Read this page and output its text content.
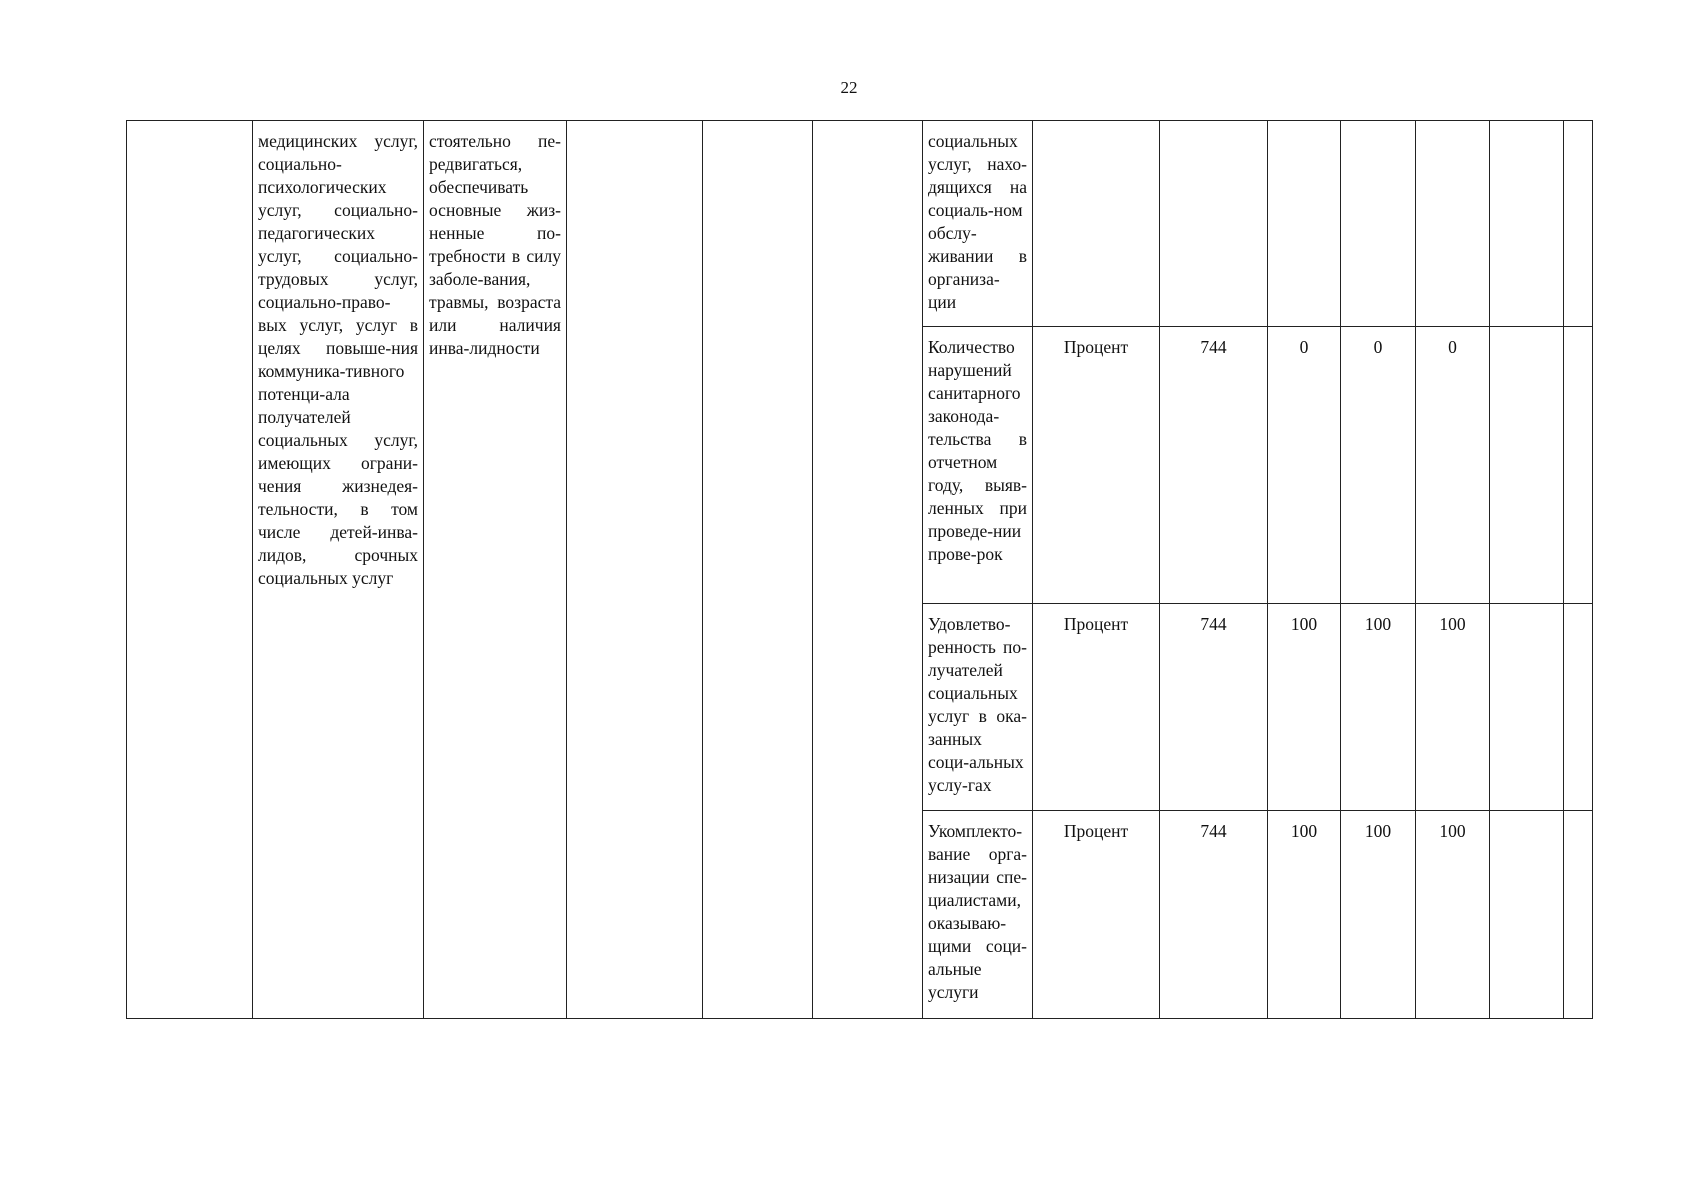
22

	медицинских услуг, социально-психологических услуг, социально-педагогических услуг, социально-трудовых услуг, социально-право-вых услуг, услуг в целях повыше-ния коммуника-тивного потенци-ала получателей социальных услуг, имеющих ограни-чения жизнедея-тельности, в том числе детей-инва-лидов, срочных социальных услуг	стоятельно пе-редвигаться, обеспечивать основные жиз-ненные по-требности в силу заболе-вания, травмы, возраста или наличия инва-лидности				социальных услуг, нахо-дящихся на социаль-ном обслу-живании в организа-ции							

						Количество нарушений санитарного законода-тельства в отчетном году, выяв-ленных при проведе-нии прове-рок	Процент	744	0	0	0		

						Удовлетво-ренность по-лучателей социальных услуг в ока-занных соци-альных услу-гах	Процент	744	100	100	100		

						Укомплекто-вание орга-низации спе-циалистами, оказываю-щими соци-альные услуги	Процент	744	100	100	100		
